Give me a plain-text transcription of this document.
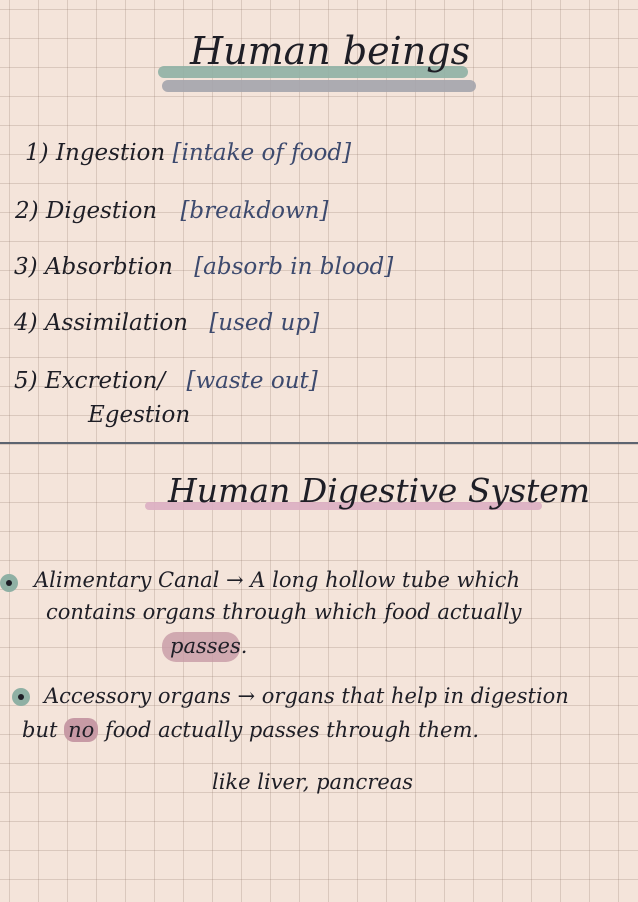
Human beings
1) Ingestion [intake of food]
2) Digestion [breakdown]
3) Absorbtion [absorb in blood]
4) Assimilation [used up]
5) Excretion/ [waste out]
Egestion
Human Digestive System
Alimentary Canal → A long hollow tube which
contains organs through which food actually
passes.
Accessory organs → organs that help in digestion
but no food actually passes through them.
like liver, pancreas
